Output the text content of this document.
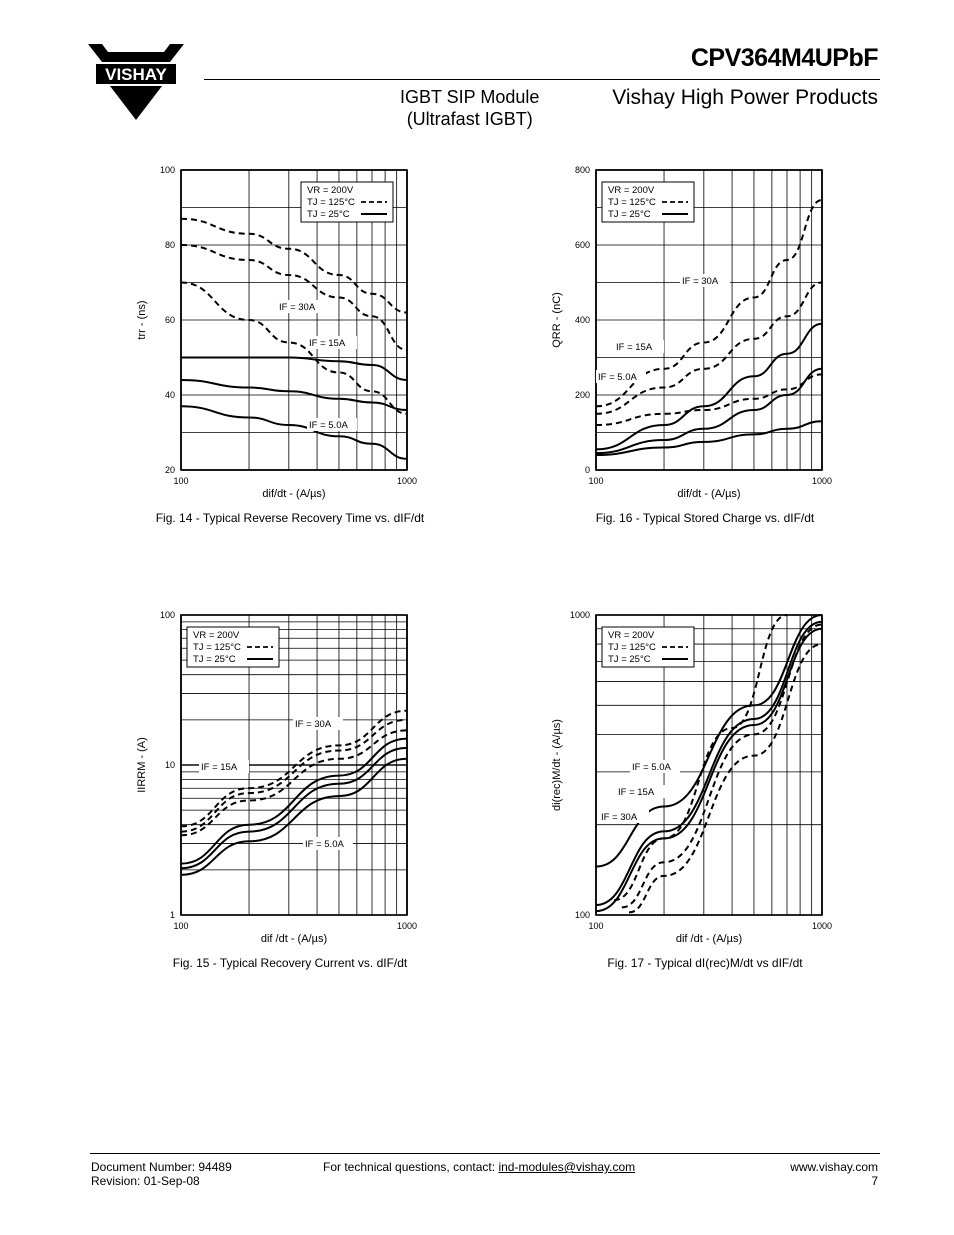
VISHAY
CPV364M4UPbF
IGBT SIP Module
(Ultrafast IGBT)
Vishay High Power Products
100	1000
20
40
60
80
100
dif/dt - (A/µs)
trr - (ns)
VR = 200V
TJ = 125°C
TJ = 25°C
IF = 30A
IF = 15A
IF = 5.0A
Fig. 14 - Typical Reverse Recovery Time vs. dIF/dt
100	1000
0
200
400
600
800
dif/dt - (A/µs)
QRR - (nC)
VR = 200V
TJ = 125°C
TJ = 25°C
IF = 30A
IF = 15A
IF = 5.0A
Fig. 16 - Typical Stored Charge vs. dIF/dt
100	1000
1
10
100
dif /dt - (A/µs)
IIRRM - (A)
VR = 200V
TJ = 125°C
TJ = 25°C
IF = 30A
IF = 15A
IF = 5.0A
Fig. 15 - Typical Recovery Current vs. dIF/dt
100	1000
100
1000
dif /dt - (A/µs)
di(rec)M/dt - (A/µs)
VR = 200V
TJ = 125°C
TJ = 25°C
IF = 5.0A
IF = 15A
IF = 30A
Fig. 17 - Typical dI(rec)M/dt vs dIF/dt
Document Number: 94489
Revision: 01-Sep-08
For technical questions, contact: ind-modules@vishay.com	www.vishay.com
7
